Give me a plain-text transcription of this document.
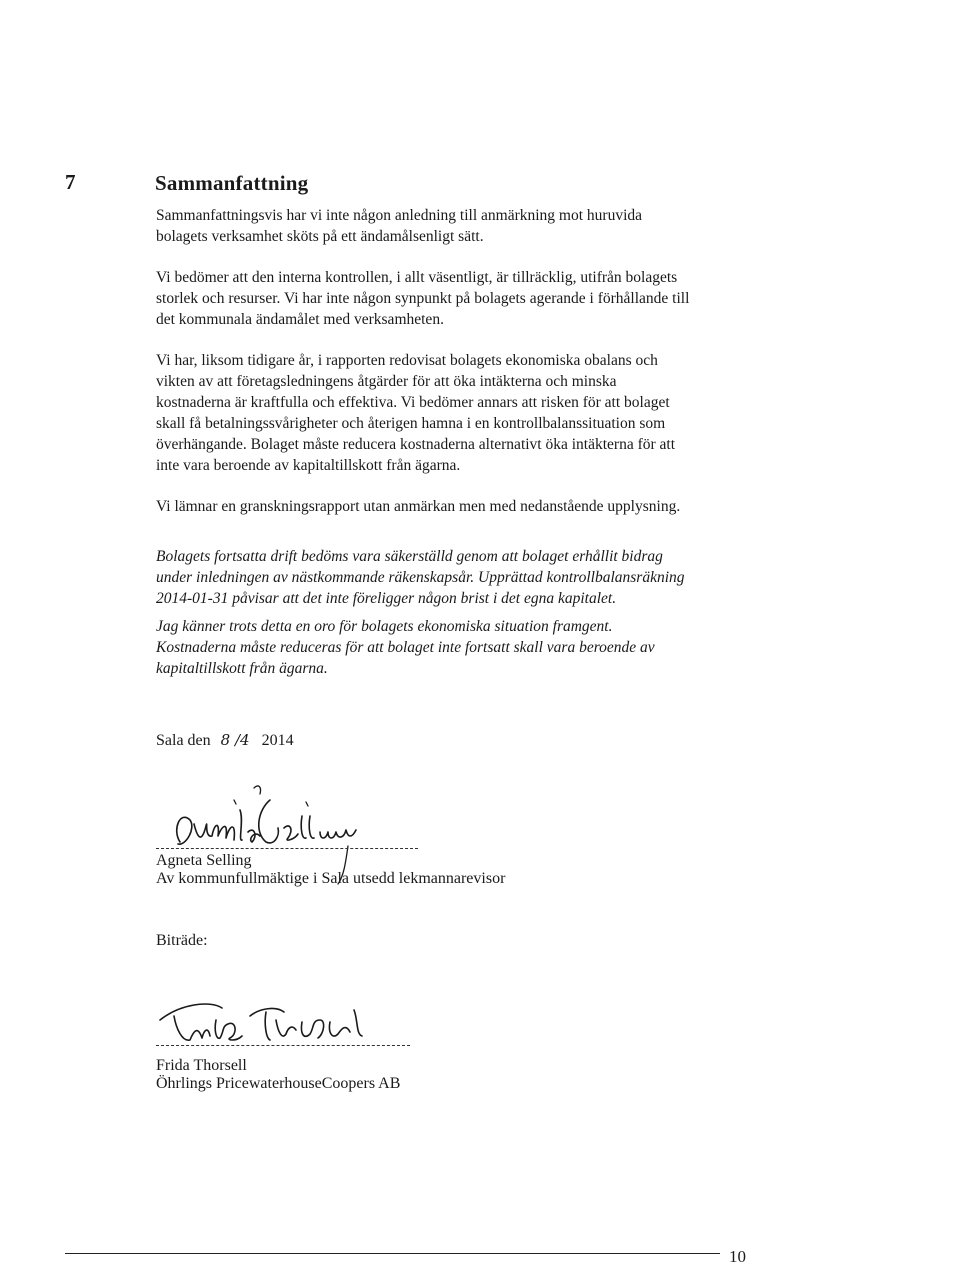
7	Sammanfattning
Sammanfattningsvis har vi inte någon anledning till anmärkning mot huruvida
bolagets verksamhet sköts på ett ändamålsenligt sätt.
Vi bedömer att den interna kontrollen, i allt väsentligt, är tillräcklig, utifrån bolagets
storlek och resurser. Vi har inte någon synpunkt på bolagets agerande i förhållande till
det kommunala ändamålet med verksamheten.
Vi har, liksom tidigare år, i rapporten redovisat bolagets ekonomiska obalans och
vikten av att företagsledningens åtgärder för att öka intäkterna och minska
kostnaderna är kraftfulla och effektiva. Vi bedömer annars att risken för att bolaget
skall få betalningssvårigheter och återigen hamna i en kontrollbalanssituation som
överhängande. Bolaget måste reducera kostnaderna alternativt öka intäkterna för att
inte vara beroende av kapitaltillskott från ägarna.
Vi lämnar en granskningsrapport utan anmärkan men med nedanstående upplysning.
Bolagets fortsatta drift bedöms vara säkerställd genom att bolaget erhållit bidrag
under inledningen av nästkommande räkenskapsår. Upprättad kontrollbalansräkning
2014-01-31 påvisar att det inte föreligger någon brist i det egna kapitalet.
Jag känner trots detta en oro för bolagets ekonomiska situation framgent.
Kostnaderna måste reduceras för att bolaget inte fortsatt skall vara beroende av
kapitaltillskott från ägarna.
Sala den 8 /4 2014
Agneta Selling
Av kommunfullmäktige i Sala utsedd lekmannarevisor
Biträde:
Frida Thorsell
Öhrlings PricewaterhouseCoopers AB
10
